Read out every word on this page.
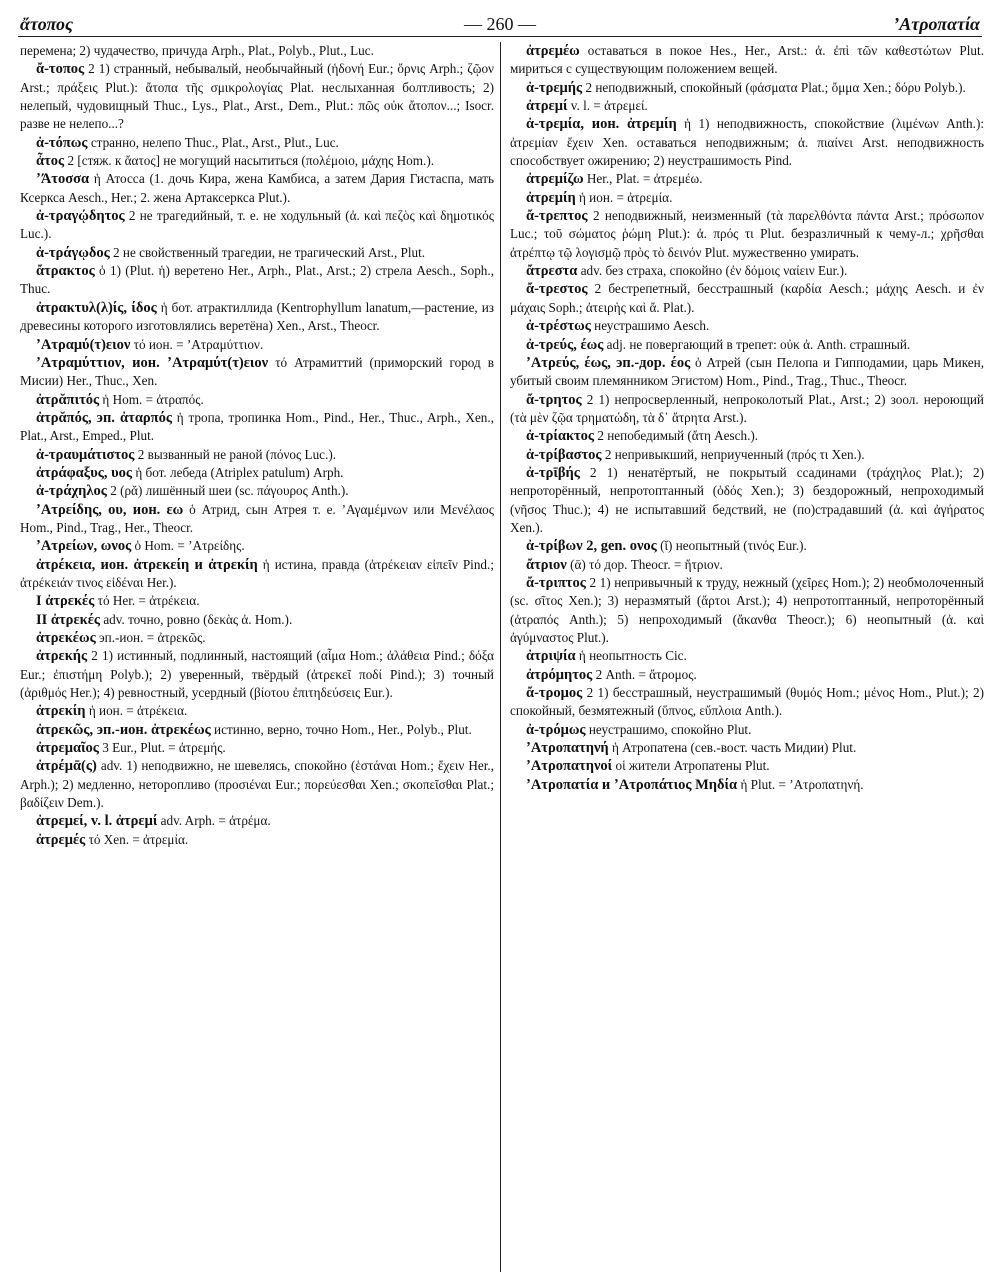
ἄτοπος	— 260 —	ʼΑτροπατία

перемена; 2) чудачество, причуда Arph., Plat., Polyb., Plut., Luc.

ἄ-τοπος 2 1) странный, небывалый, необычайный (ἡδονή Eur.; ὄρνις Arph.; ζῷον Arst.; πράξεις Plut.): ἄτοπα τῆς σμικρολογίας Plat. неслыханная болтливость; 2) нелепый, чудовищный Thuc., Lys., Plat., Arst., Dem., Plut.: πῶς οὐκ ἄτοπον...; Isocr. разве не нелепо...?

ἀ-τόπως странно, нелепо Thuc., Plat., Arst., Plut., Luc.

ἆτος 2 [стяж. к ἄατος] не могущий насытиться (πολέμοιο, μάχης Hom.).

ʼΆτοσσα ἡ Атосса (1. дочь Кира, жена Камбиса, а затем Дария Гистаспа, мать Ксеркса Aesch., Her.; 2. жена Артаксеркса Plut.).

ἀ-τραγῴδητος 2 не трагедийный, т. е. не ходульный (ἀ. καὶ πεζὸς καὶ δημοτικός Luc.).

ἀ-τράγῳδος 2 не свойственный трагедии, не трагический Arst., Plut.

ἄτρακτος ὁ 1) (Plut. ἡ) веретено Her., Arph., Plat., Arst.; 2) стрела Aesch., Soph., Thuc.

ἀτρακτυλ(λ)ίς, ίδος ἡ бот. атрактиллида (Kentrophyllum lanatum,—растение, из древесины которого изготовлялись веретёна) Xen., Arst., Theocr.

ʼΑτραμύ(τ)ειον τό ион. = ʼΑτραμύττιον.

ʼΑτραμύττιον, ион. ʼΑτραμύτ(τ)ειον τό Атрамиттий (приморский город в Мисии) Her., Thuc., Xen.

ἀτρᾰπιτός ἡ Hom. = ἀτραπός.

ἀτρᾰπός, эп. ἀταρπός ἡ тропа, тропинка Hom., Pind., Her., Thuc., Arph., Xen., Plat., Arst., Emped., Plut.

ἀ-τραυμάτιστος 2 вызванный не раной (πόνος Luc.).

ἀτράφαξυς, υος ἡ бот. лебеда (Atriplex patulum) Arph.

ἀ-τράχηλος 2 (ρᾰ) лишённый шеи (sc. πάγουρος Anth.).

ʼΑτρείδης, ου, ион. εω ὁ Атрид, сын Атрея т. е. ʼΑγαμέμνων или Μενέλαος Hom., Pind., Trag., Her., Theocr.

ʼΑτρείων, ωνος ὁ Hom. = ʼΑτρείδης.

ἀτρέκεια, ион. ἀτρεκείη и ἀτρεκίη ἡ истина, правда (ἀτρέκειαν εἰπεῖν Pind.; ἀτρέκειάν τινος εἰδέναι Her.).

I ἀτρεκές τό Her. = ἀτρέκεια.

II ἀτρεκές adv. точно, ровно (δεκὰς ἀ. Hom.).

ἀτρεκέως эп.-ион. = ἀτρεκῶς.

ἀτρεκής 2 1) истинный, подлинный, настоящий (αἷμα Hom.; ἀλάθεια Pind.; δόξα Eur.; ἐπιστήμη Polyb.); 2) уверенный, твёрдый (ἀτρεκεῖ ποδί Pind.); 3) точный (ἀριθμός Her.); 4) ревностный, усердный (βίοτου ἐπιτηδεύσεις Eur.).

ἀτρεκίη ἡ ион. = ἀτρέκεια.

ἀτρεκῶς, эп.-ион. ἀτρεκέως истинно, верно, точно Hom., Her., Polyb., Plut.

ἀτρεμαῖος 3 Eur., Plut. = ἀτρεμής.

ἀτρέμᾱ(ς) adv. 1) неподвижно, не шевелясь, спокойно (ἑστάναι Hom.; ἔχειν Her., Arph.); 2) медленно, неторопливо (προσιέναι Eur.; πορεύεσθαι Xen.; σκοπεῖσθαι Plat.; βαδίζειν Dem.).

ἀτρεμεί, v. l. ἀτρεμί adv. Arph. = ἀτρέμα.

ἀτρεμές τό Xen. = ἀτρεμία.

ἀτρεμέω оставаться в покое Hes., Her., Arst.: ἀ. ἐπὶ τῶν καθεστώτων Plut. мириться с существующим положением вещей.

ἀ-τρεμής 2 неподвижный, спокойный (φάσματα Plat.; ὄμμα Xen.; δόρυ Polyb.).

ἀτρεμί v. l. = ἀτρεμεί.

ἀ-τρεμία, ион. ἀτρεμίη ἡ 1) неподвижность, спокойствие (λιμένων Anth.): ἀτρεμίαν ἔχειν Xen. оставаться неподвижным; ἀ. πιαίνει Arst. неподвижность способствует ожирению; 2) неустрашимость Pind.

ἀτρεμίζω Her., Plat. = ἀτρεμέω.

ἀτρεμίη ἡ ион. = ἀτρεμία.

ἄ-τρεπτος 2 неподвижный, неизменный (τὰ παρελθόντα πάντα Arst.; πρόσωπον Luc.; τοῦ σώματος ῥώμη Plut.): ἀ. πρός τι Plut. безразличный к чему-л.; χρῆσθαι ἀτρέπτῳ τῷ λογισμῷ πρὸς τὸ δεινόν Plut. мужественно умирать.

ἄτρεστα adv. без страха, спокойно (ἐν δόμοις ναίειν Eur.).

ἄ-τρεστος 2 бестрепетный, бесстрашный (καρδία Aesch.; μάχης Aesch. и ἐν μάχαις Soph.; ἀτειρὴς καὶ ἄ. Plat.).

ἀ-τρέστως неустрашимо Aesch.

ἀ-τρεύς, έως adj. не повергающий в трепет: οὐκ ἀ. Anth. страшный.

ʼΑτρεύς, έως, эп.-дор. έος ὁ Атрей (сын Пелопа и Гипподамии, царь Микен, убитый своим племянником Эгистом) Hom., Pind., Trag., Thuc., Theocr.

ἄ-τρητος 2 1) непросверленный, непроколотый Plat., Arst.; 2) зоол. нероющий (τὰ μὲν ζῷα τρηματώδη, τὰ δ᾽ ἄτρητα Arst.).

ἀ-τρίακτος 2 непобедимый (ἄτη Aesch.).

ἀ-τρίβαστος 2 непривыкший, неприученный (πρός τι Xen.).

ἀ-τρῑβής 2 1) ненатёртый, не покрытый ссадинами (τράχηλος Plat.); 2) непроторённый, непротоптанный (ὁδός Xen.); 3) бездорожный, непроходимый (νῆσος Thuc.); 4) не испытавший бедствий, не (по)страдавший (ἀ. καὶ ἀγήρατος Xen.).

ἀ-τρίβων 2, gen. ονος (ῐ) неопытный (τινός Eur.).

ἄτριον (ᾱ) τό дор. Theocr. = ἤτριον.

ἄ-τριπτος 2 1) непривычный к труду, нежный (χεῖρες Hom.); 2) необмолоченный (sc. σῖτος Xen.); 3) неразмятый (ἄρτοι Arst.); 4) непротоптанный, непроторённый (ἀτραπός Anth.); 5) непроходимый (ἄκανθα Theocr.); 6) неопытный (ἀ. καὶ ἀγύμναστος Plut.).

ἀτριψία ἡ неопытность Cic.

ἀτρόμητος 2 Anth. = ἄτρομος.

ἄ-τρομος 2 1) бесстрашный, неустрашимый (θυμός Hom.; μένος Hom., Plut.); 2) спокойный, безмятежный (ὕπνος, εὔπλοια Anth.).

ἀ-τρόμως неустрашимо, спокойно Plut.

ʼΑτροπατηνή ἡ Атропатена (сев.-вост. часть Мидии) Plut.

ʼΑτροπατηνοί οἱ жители Атропатены Plut.

ʼΑτροπατία и ʼΑτροπάτιος Μηδία ἡ Plut. = ʼΑτροπατηνή.
